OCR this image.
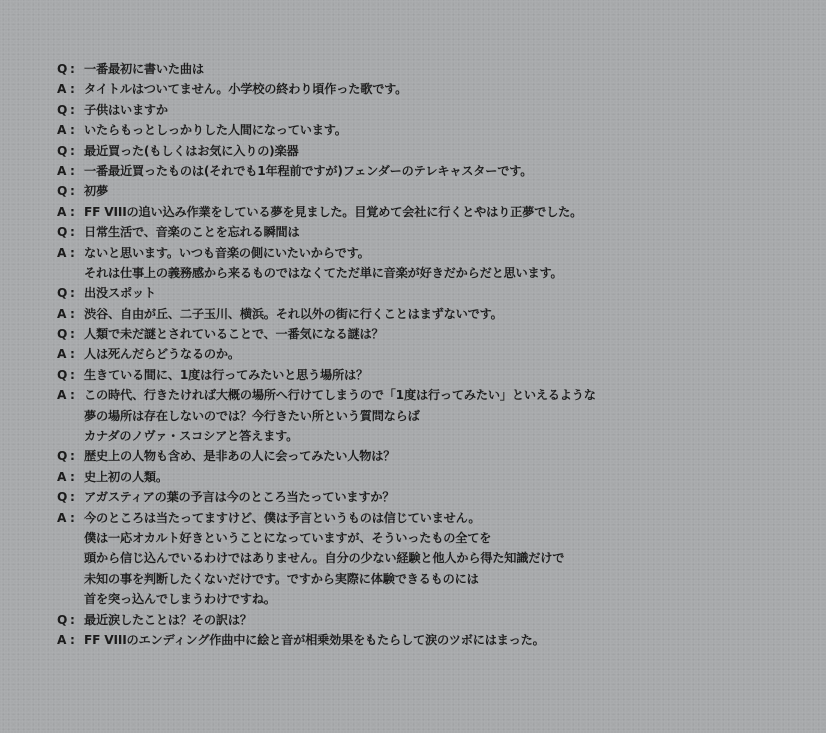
Q : 一番最初に書いた曲は
A : タイトルはついてません。小学校の終わり頃作った歌です。
Q : 子供はいますか
A : いたらもっとしっかりした人間になっています。
Q : 最近買った(もしくはお気に入りの)楽器
A : 一番最近買ったものは(それでも1年程前ですが)フェンダーのテレキャスターです。
Q : 初夢
A : FF VIIIの追い込み作業をしている夢を見ました。目覚めて会社に行くとやはり正夢でした。
Q : 日常生活で、音楽のことを忘れる瞬間は
A : ないと思います。いつも音楽の側にいたいからです。
それは仕事上の義務感から来るものではなくてただ単に音楽が好きだからだと思います。
Q : 出没スポット
A : 渋谷、自由が丘、二子玉川、横浜。それ以外の街に行くことはまずないです。
Q : 人類で未だ謎とされていることで、一番気になる謎は？
A : 人は死んだらどうなるのか。
Q : 生きている間に、1度は行ってみたいと思う場所は？
A : この時代、行きたければ大概の場所へ行けてしまうので「1度は行ってみたい」といえるような
夢の場所は存在しないのでは？今行きたい所という質問ならば
カナダのノヴァ・スコシアと答えます。
Q : 歴史上の人物も含め、是非あの人に会ってみたい人物は？
A : 史上初の人類。
Q : アガスティアの葉の予言は今のところ当たっていますか？
A : 今のところは当たってますけど、僕は予言というものは信じていません。
僕は一応オカルト好きということになっていますが、そういったもの全てを
頭から信じ込んでいるわけではありません。自分の少ない経験と他人から得た知識だけで
未知の事を判断したくないだけです。ですから実際に体験できるものには
首を突っ込んでしまうわけですね。
Q : 最近涙したことは？その訳は？
A : FF VIIIのエンディング作曲中に絵と音が相乗効果をもたらして涙のツボにはまった。
